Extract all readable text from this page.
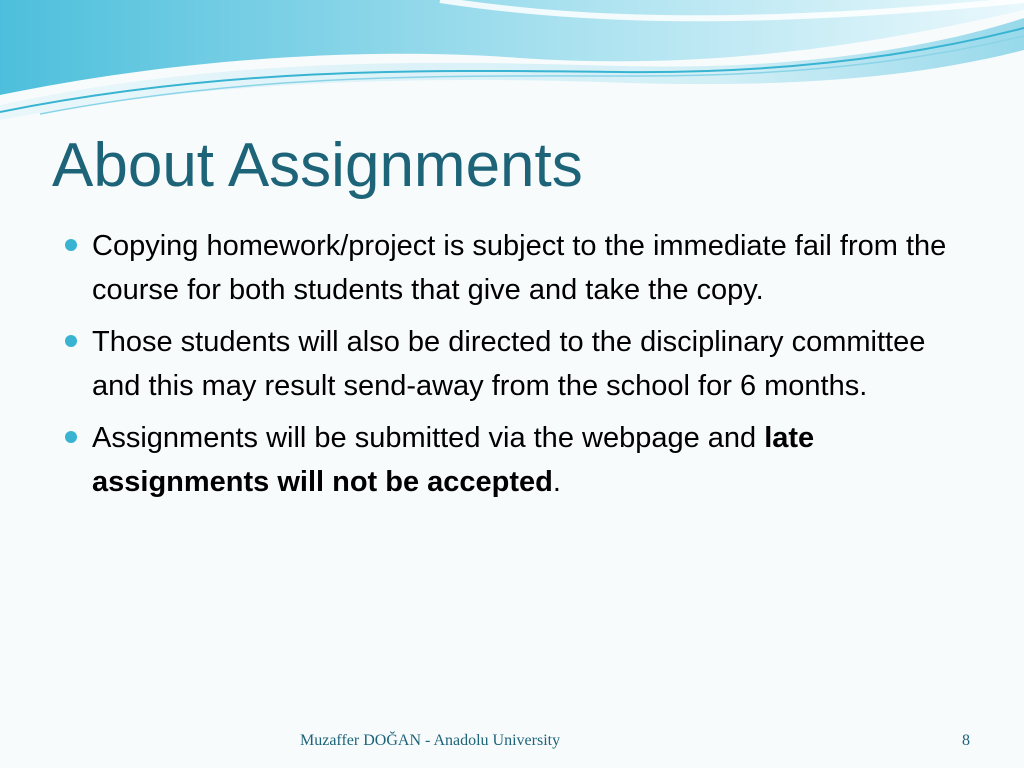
About Assignments
Copying homework/project is subject to the immediate fail from the course for both students that give and take the copy.
Those students will also be directed to the disciplinary committee and this may result send-away from the school for 6 months.
Assignments will be submitted via the webpage and late assignments will not be accepted.
Muzaffer DOĞAN - Anadolu University	8
